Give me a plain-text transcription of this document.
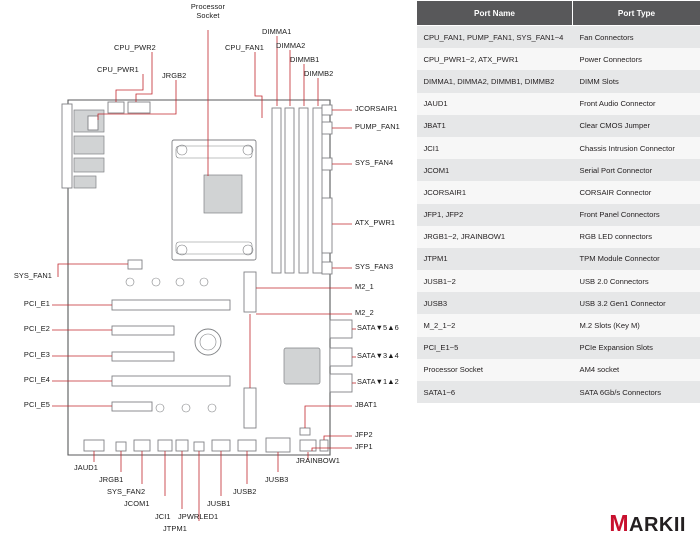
Processor
Socket
CPU_PWR2
CPU_PWR1
JRGB2
CPU_FAN1
DIMMA1
DIMMA2
DIMMB1
DIMMB2
JCORSAIR1
PUMP_FAN1
SYS_FAN4
ATX_PWR1
SYS_FAN3
M2_1
M2_2
SATA▼5▲6
SATA▼3▲4
SATA▼1▲2
JBAT1
JFP2
JFP1
SYS_FAN1
PCI_E1
PCI_E2
PCI_E3
PCI_E4
PCI_E5
JAUD1
JRGB1
SYS_FAN2
JCOM1
JCI1
JTPM1
JPWRLED1
JUSB1
JUSB2
JUSB3
JRAINBOW1
Port Name	Port Type
CPU_FAN1, PUMP_FAN1, SYS_FAN1~4	Fan Connectors
CPU_PWR1~2, ATX_PWR1	Power Connectors
DIMMA1, DIMMA2, DIMMB1, DIMMB2	DIMM Slots
JAUD1	Front Audio Connector
JBAT1	Clear CMOS Jumper
JCI1	Chassis Intrusion Connector
JCOM1	Serial Port Connector
JCORSAIR1	CORSAIR Connector
JFP1, JFP2	Front Panel Connectors
JRGB1~2, JRAINBOW1	RGB LED connectors
JTPM1	TPM Module Connector
JUSB1~2	USB 2.0 Connectors
JUSB3	USB 3.2 Gen1 Connector
M_2_1~2	M.2 Slots (Key M)
PCI_E1~5	PCIe Expansion Slots
Processor Socket	AM4 socket
SATA1~6	SATA 6Gb/s Connectors
M ARKII
